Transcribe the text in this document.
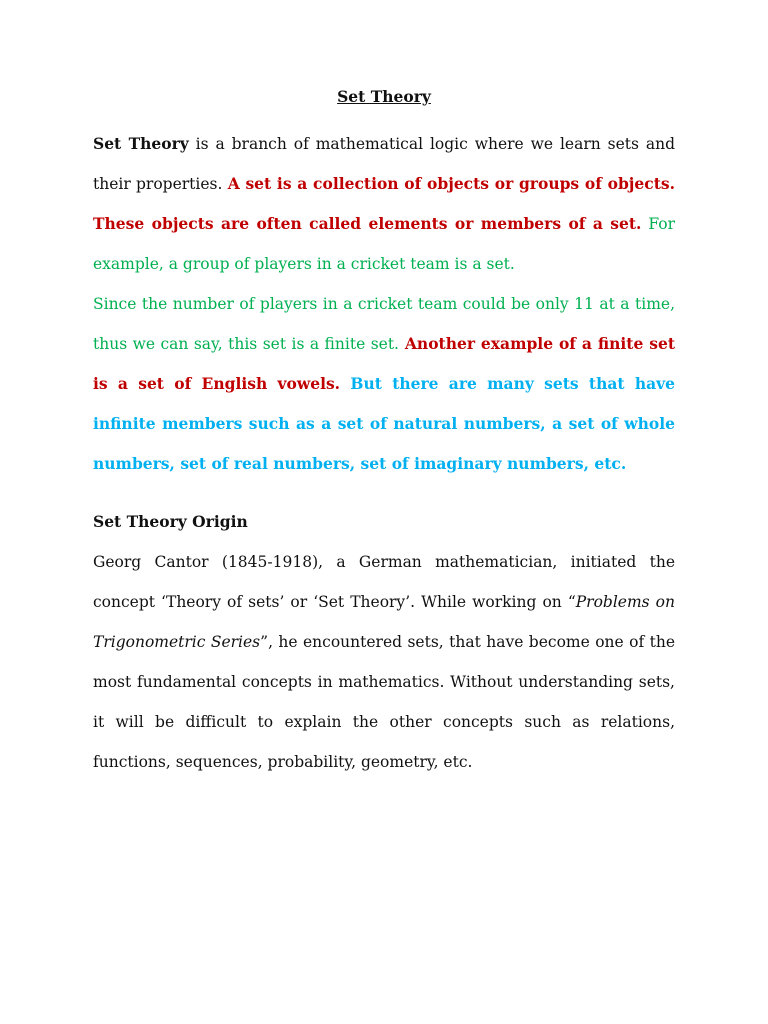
Set Theory

Set Theory is a branch of mathematical logic where we learn sets and their properties. A set is a collection of objects or groups of objects. These objects are often called elements or members of a set. For example, a group of players in a cricket team is a set.

Since the number of players in a cricket team could be only 11 at a time, thus we can say, this set is a finite set. Another example of a finite set is a set of English vowels. But there are many sets that have infinite members such as a set of natural numbers, a set of whole numbers, set of real numbers, set of imaginary numbers, etc.

Set Theory Origin

Georg Cantor (1845-1918), a German mathematician, initiated the concept ‘Theory of sets’ or ‘Set Theory’. While working on “Problems on Trigonometric Series”, he encountered sets, that have become one of the most fundamental concepts in mathematics. Without understanding sets, it will be difficult to explain the other concepts such as relations, functions, sequences, probability, geometry, etc.
